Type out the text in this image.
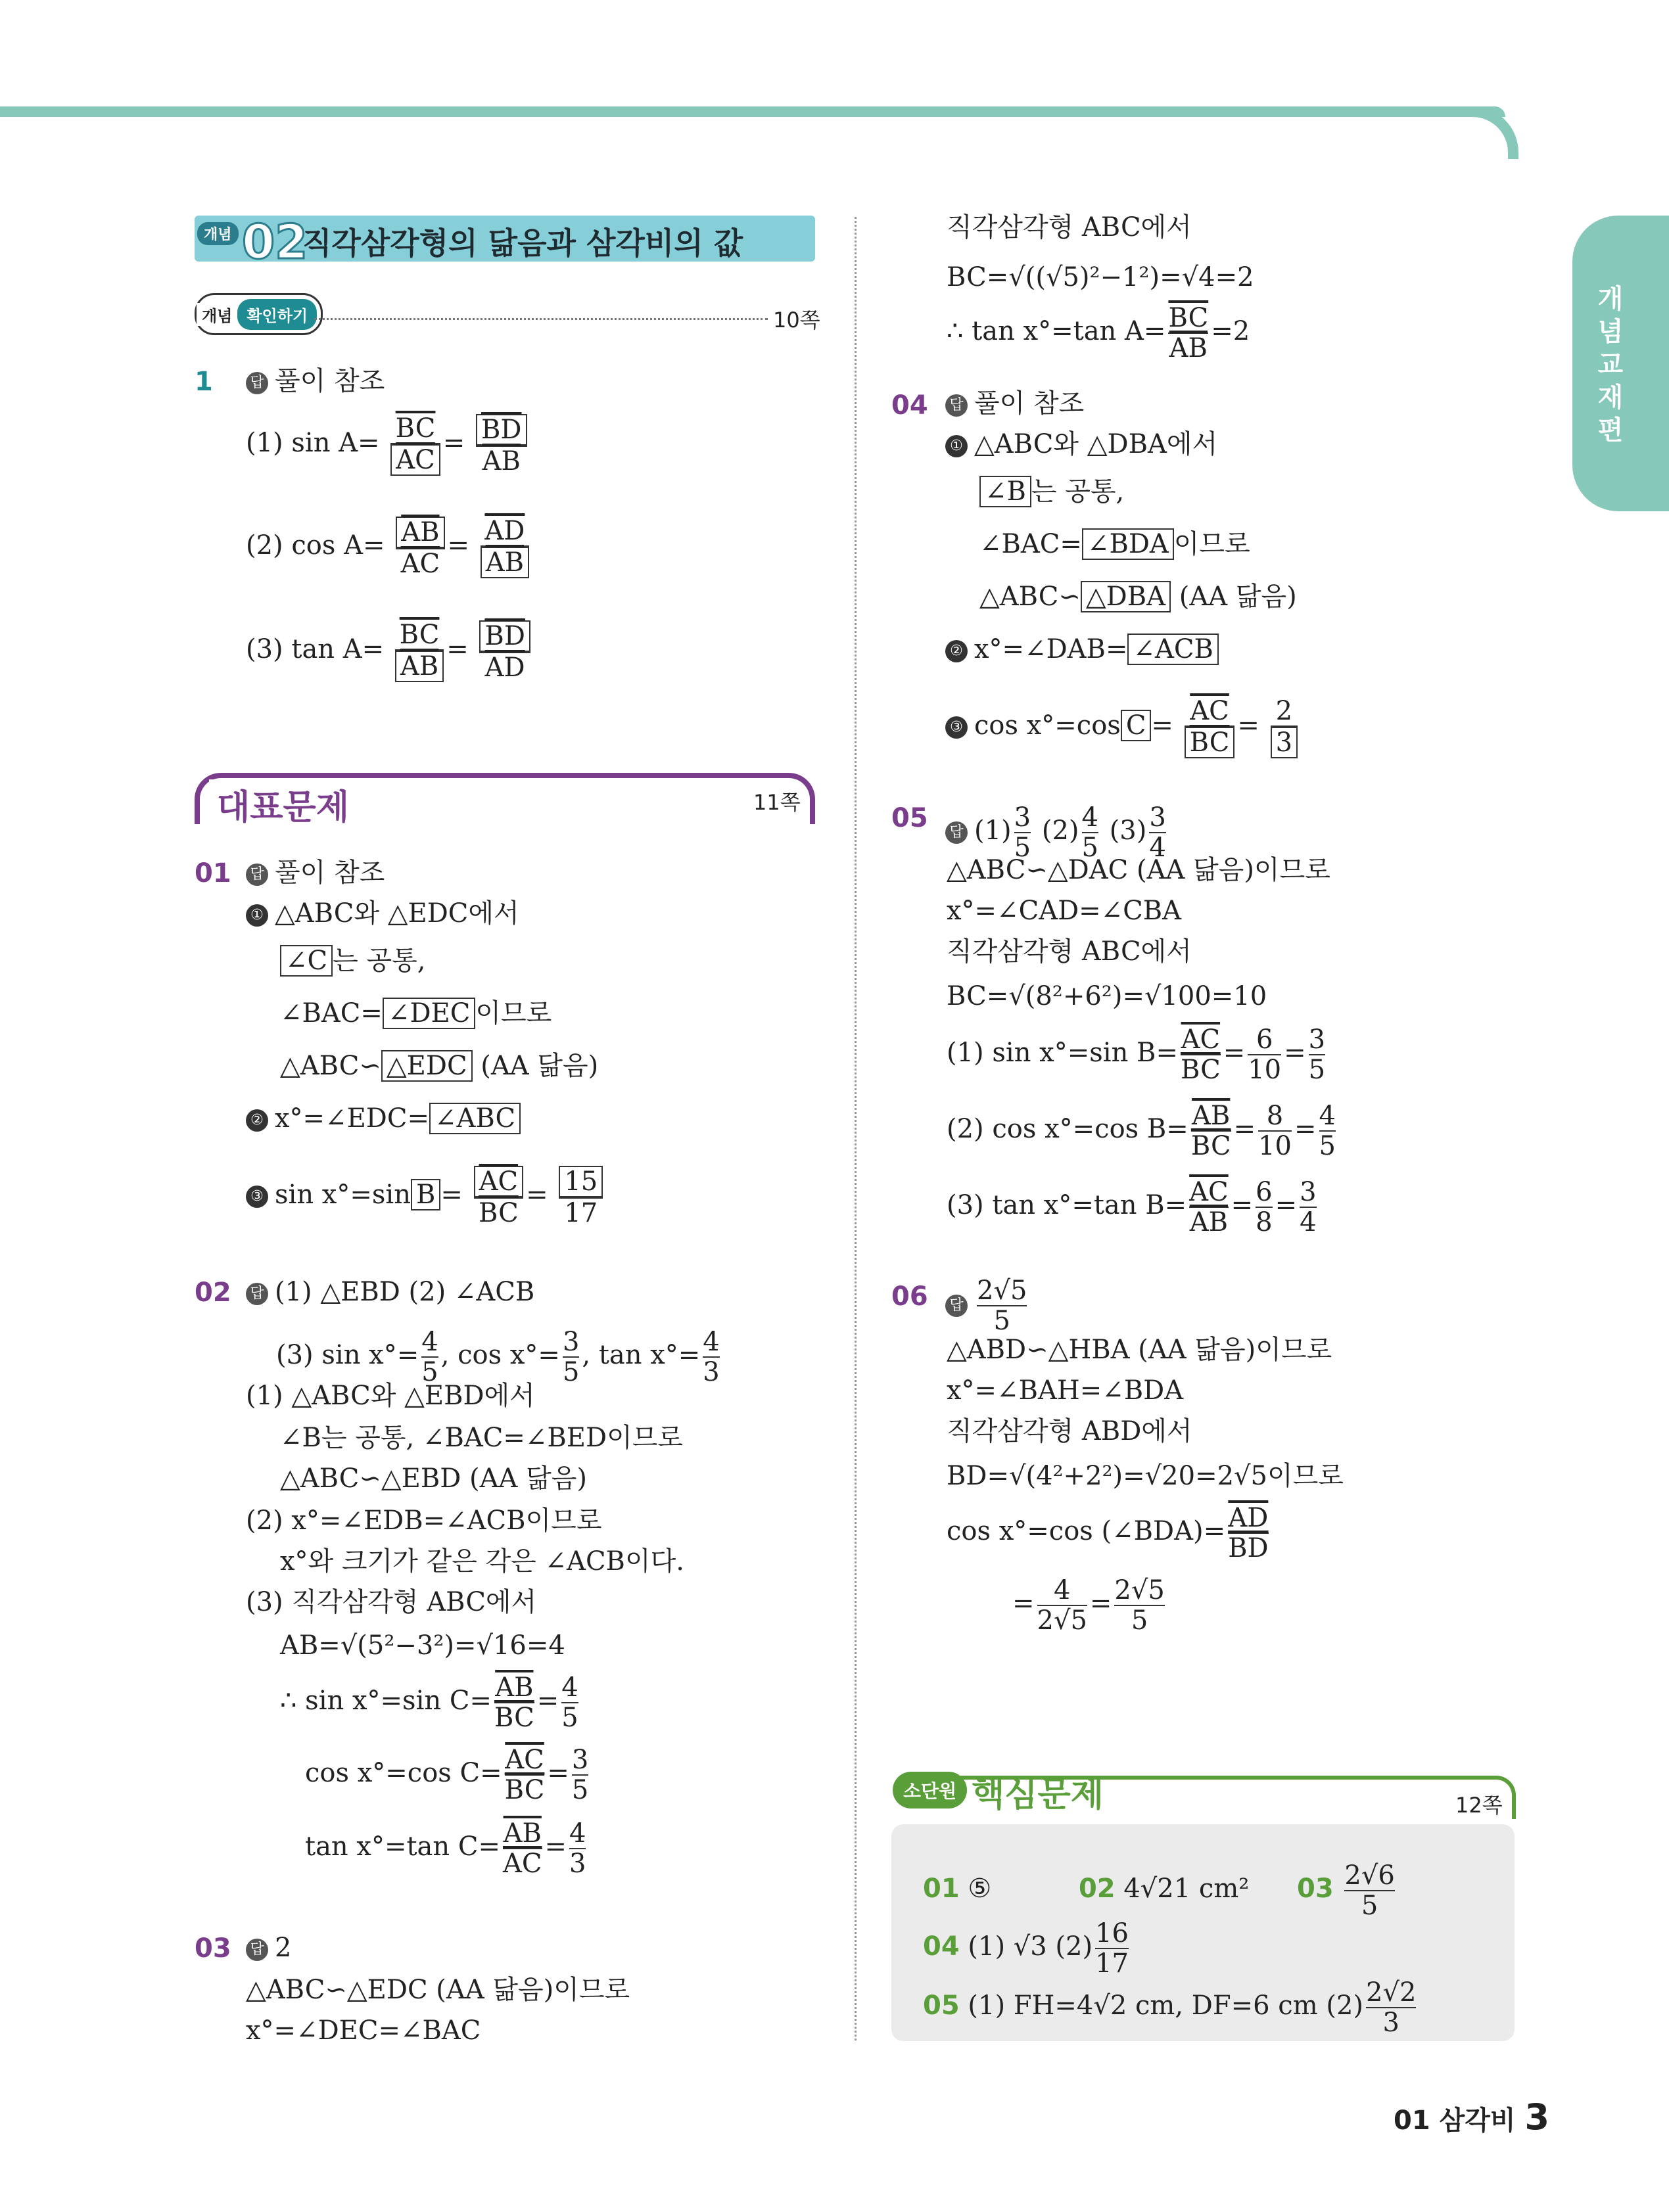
개념교재편
개념 02
직각삼각형의 닮음과 삼각비의 값
개념 확인하기	10쪽
1	답 풀이 참조
(1) $\sin A= \frac{\overline{BC}}{AC} = \frac{\overline{BD}}{AB}$
(2) $\cos A= \frac{\overline{AB}}{AC} = \frac{\overline{AD}}{AB}$
(3) $\tan A= \frac{\overline{BC}}{AB} = \frac{\overline{BD}}{AD}$
대표문제	11쪽
01 답 풀이 참조
① △ABC와 △EDC에서
∠C 는 공통,
∠BAC= ∠DEC 이므로
△ABC∽ △EDC (AA 닮음)
② x°=∠EDC= ∠ABC
③ sin x°=sin $B = \frac{\overline{AC}}{BC} = \frac{15}{17}$
02 답 (1) △EBD (2) ∠ACB
(3) $\sin x^\circ= \frac{4}{5}$ , $\cos x^\circ= \frac{3}{5}$ , $\tan x^\circ= \frac{4}{3}$
(1) △ABC와 △EBD에서
∠B는 공통, ∠BAC=∠BED이므로
△ABC∽△EBD (AA 닮음)
(2) x°=∠EDB=∠ACB이므로
x°와 크기가 같은 각은 ∠ACB이다.
(3) 직각삼각형 ABC에서
AB=√(5²−3²)=√16=4
∴ sin x°=sin $C= \frac{\overline{AB}}{BC} = \frac{4}{5}$
cos x°=cos $C= \frac{\overline{AC}}{BC} = \frac{3}{5}$
tan x°=tan $C= \frac{\overline{AB}}{AC} = \frac{4}{3}$
03 답 2
△ABC∽△EDC (AA 닮음)이므로
x°=∠DEC=∠BAC
직각삼각형 ABC에서
BC=√((√5)²−1²)=√4=2
∴ tan x°=tan $A= \frac{\overline{BC}}{AB} =2$
04 답 풀이 참조
① △ABC와 △DBA에서
∠B 는 공통,
∠BAC= ∠BDA 이므로
△ABC∽ △DBA (AA 닮음)
② x°=∠DAB= ∠ACB
③ cos x°=cos $C = \frac{\overline{AC}}{BC} = \frac{2}{3}$
05 답 $(1) \frac{3}{5} (2) \frac{4}{5} (3) \frac{3}{4}$
△ABC∽△DAC (AA 닮음)이므로
x°=∠CAD=∠CBA
직각삼각형 ABC에서
BC=√(8²+6²)=√100=10
(1) sin x°=sin $B= \frac{\overline{AC}}{BC} = \frac{6}{10} = \frac{3}{5}$
(2) cos x°=cos $B= \frac{\overline{AB}}{BC} = \frac{8}{10} = \frac{4}{5}$
(3) tan x°=tan $B= \frac{\overline{AC}}{AB} = \frac{6}{8} = \frac{3}{4}$
06 답 $\frac{2√5}{5}$
△ABD∽△HBA (AA 닮음)이므로
x°=∠BAH=∠BDA
직각삼각형 ABD에서
BD=√(4²+2²)=√20=2√5이므로
cos x°=cos (∠BDA)= $\frac{\overline{AD}}{BD}$
= $\frac{4}{2√5} = \frac{2√5}{5}$
소단원 핵심문제	12쪽
01 ⑤	02 4√21 cm² $03 \frac{2√6}{5}$
04 (1) √3 $(2) \frac{16}{17}$
05 (1) FH=4√2 cm, DF=6 cm $(2) \frac{2√2}{3}$
01 삼각비 3
